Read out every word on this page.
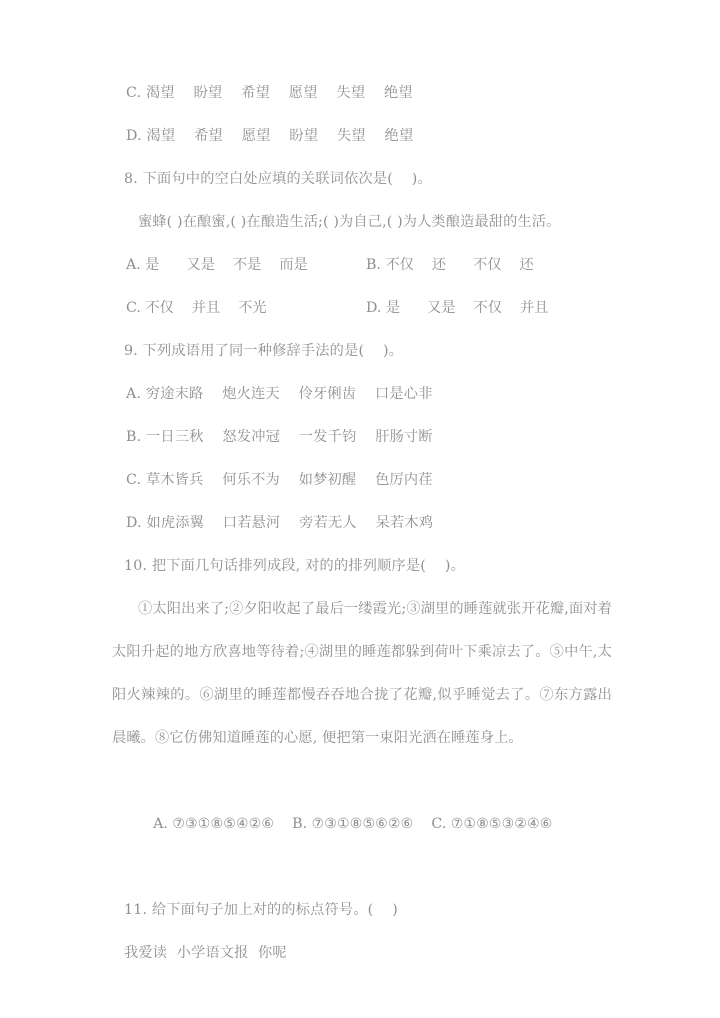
C. 渴望    盼望    希望    愿望    失望    绝望
D. 渴望    希望    愿望    盼望    失望    绝望
8. 下面句中的空白处应填的关联词依次是(    )。

蜜蜂( )在酿蜜,( )在酿造生活;( )为自己,( )为人类酿造最甜的生活。

A. 是      又是    不是    而是	B. 不仅    还      不仅    还
C. 不仅    并且    不光	D. 是      又是    不仅    并且
9. 下列成语用了同一种修辞手法的是(    )。
A. 穷途末路    炮火连天    伶牙俐齿    口是心非
B. 一日三秋    怒发冲冠    一发千钧    肝肠寸断
C. 草木皆兵    何乐不为    如梦初醒    色厉内荏
D. 如虎添翼    口若悬河    旁若无人    呆若木鸡
10. 把下面几句话排列成段, 对的的排列顺序是(    )。

①太阳出来了;②夕阳收起了最后一缕霞光;③湖里的睡莲就张开花瓣,面对着太阳升起的地方欣喜地等待着;④湖里的睡莲都躲到荷叶下乘凉去了。⑤中午,太阳火辣辣的。⑥湖里的睡莲都慢吞吞地合拢了花瓣,似乎睡觉去了。⑦东方露出晨曦。⑧它仿佛知道睡莲的心愿, 便把第一束阳光洒在睡莲身上。

A. ⑦③①⑧⑤④②⑥ B. ⑦③①⑧⑤⑥②⑥ C. ⑦①⑧⑤③②④⑥

11. 给下面句子加上对的的标点符号。(    )
我爱读  小学语文报  你呢
